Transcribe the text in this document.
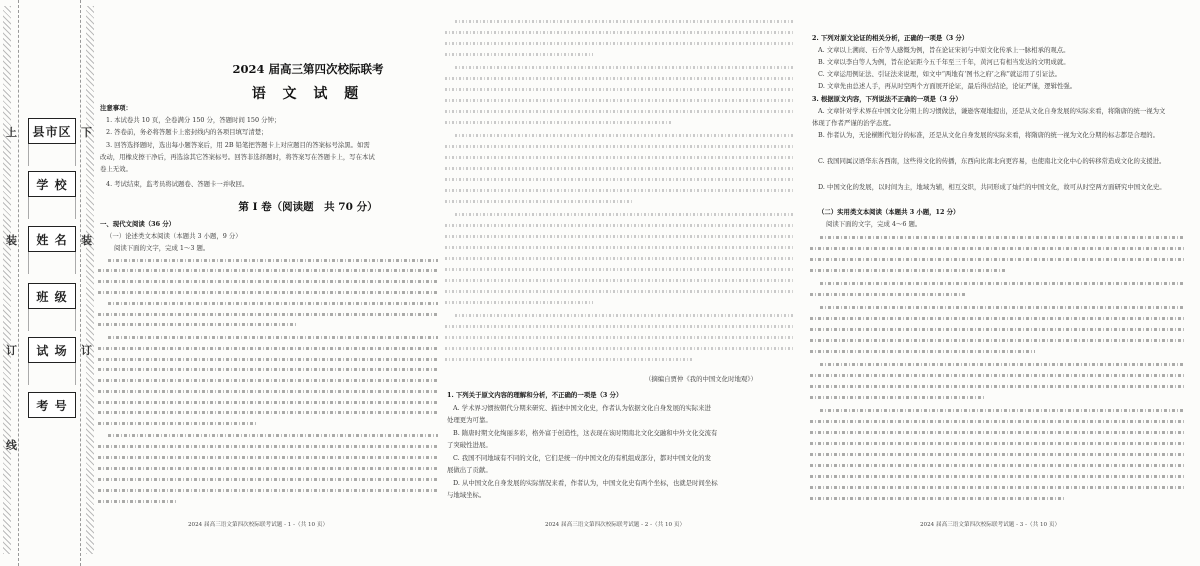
上
装
订
线
下
装
订
县市区
学 校
姓 名
班 级
试 场
考 号
2024 届高三第四次校际联考
语 文 试 题
注意事项：
1. 本试卷共 10 页，全卷满分 150 分，答题时间 150 分钟；
2. 答卷前，务必将答题卡上密封线内的各项目填写清楚；
3. 回答选择题时，选出每小题答案后，用 2B 铅笔把答题卡上对应题目的答案标号涂黑。如需
改动，用橡皮擦干净后，再选涂其它答案标号。回答非选择题时，将答案写在答题卡上，写在本试
卷上无效。
4. 考试结束，监考员将试题卷、答题卡一并收回。
第 Ⅰ 卷（阅读题　共 70 分）
一、现代文阅读（36 分）
（一）论述类文本阅读（本题共 3 小题，9 分）
阅读下面的文字，完成 1～3 题。
2024 届高三语文第四次校际联考试题 - 1 -（共 10 页）
（摘编自贾仲《我的中国文化时地观》）
1. 下列关于原文内容的理解和分析，不正确的一项是（3 分）
A. 学术界习惯按朝代分期来研究、描述中国文化史，作者认为依据文化自身发展的实际来进
处理更为可靠。
B. 隋唐时期文化绚丽多彩，格外富于创造性，这表现在该时期南北文化交融和中外文化交流有
了突破性进展。
C. 我国不同地域有不同的文化，它们是统一的中国文化的有机组成部分，都对中国文化的发
展做出了贡献。
D. 从中国文化自身发展的实际情况来看，作者认为，中国文化史有两个坐标，也就是时间坐标
与地域坐标。
2024 届高三语文第四次校际联考试题 - 2 -（共 10 页）
2. 下列对原文论证的相关分析，正确的一项是（3 分）
A. 文章以上溯商、石介等人感慨为例，旨在论证宋初与中原文化传承上一脉相承的观点。
B. 文章以李白等人为例，旨在论证距今五千年至三千年，黄河已有相当发达的文明成就。
C. 文章运用例证法、引证法来说理，如文中“两地有‘图书之府’之称”就运用了引证法。
D. 文章先由总述人手，再从时空两个方面展开论证，最后得出结论，论证严谨，逻辑性强。
3. 根据原文内容，下列说法不正确的一项是（3 分）
A. 文章针对学术界在中国文化分期上的习惯做法，谦逊客观地提出，还是从文化自身发展的实际来看，将隋唐的统一视为文
体现了作者严谨的治学态度。
B. 作者认为，无论横断代划分的标准，还是从文化自身发展的实际来看，将隋唐的统一视为文化分期的标志都是合理的。
C. 我国同属汉语华东各西南，这些得文化的传播，东西向比南北向更容易，也使南北文化中心的转移常造成文化的支援进。
D. 中国文化的发展，以时间为主，地域为辅，相互交织，共同形成了灿烂的中国文化，故可从时空两方面研究中国文化史。
（二）实用类文本阅读（本题共 3 小题，12 分）
阅读下面的文字，完成 4～6 题。
2024 届高三语文第四次校际联考试题 - 3 -（共 10 页）
